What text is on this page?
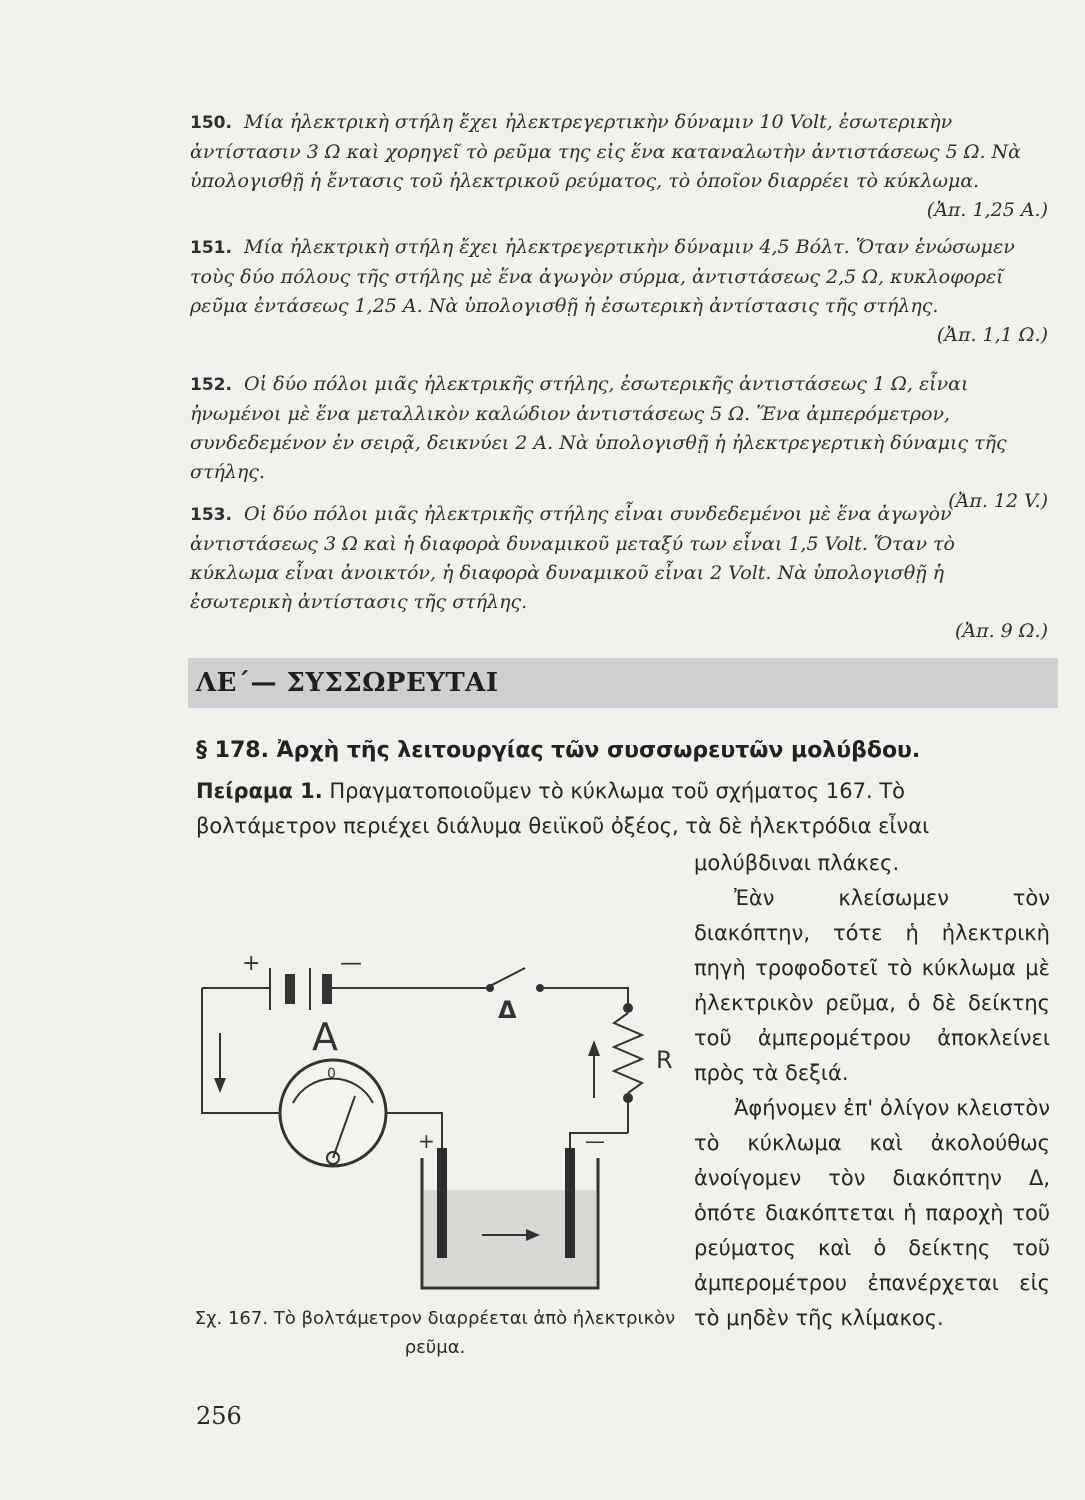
150. Μία ἠλεκτρικὴ στήλη ἔχει ἠλεκτρεγερτικὴν δύναμιν 10 Volt, ἐσωτερικὴν ἀντίστασιν 3 Ω καὶ χορηγεῖ τὸ ρεῦμα της εἰς ἕνα καταναλωτὴν ἀντιστάσεως 5 Ω. Νὰ ὑπολογισθῇ ἡ ἔντασις τοῦ ἠλεκτρικοῦ ρεύματος, τὸ ὁποῖον διαρρέει τὸ κύκλωμα.
(Ἀπ. 1,25 Α.)
151. Μία ἠλεκτρικὴ στήλη ἔχει ἠλεκτρεγερτικὴν δύναμιν 4,5 Βόλτ. Ὅταν ἑνώσωμεν τοὺς δύο πόλους τῆς στήλης μὲ ἕνα ἀγωγὸν σύρμα, ἀντιστάσεως 2,5 Ω, κυκλοφορεῖ ρεῦμα ἐντάσεως 1,25 Α. Νὰ ὑπολογισθῇ ἡ ἐσωτερικὴ ἀντίστασις τῆς στήλης.
(Ἀπ. 1,1 Ω.)
152. Οἱ δύο πόλοι μιᾶς ἠλεκτρικῆς στήλης, ἐσωτερικῆς ἀντιστάσεως 1 Ω, εἶναι ἠνωμένοι μὲ ἕνα μεταλλικὸν καλώδιον ἀντιστάσεως 5 Ω. Ἕνα ἀμπερόμετρον, συνδεδεμένον ἐν σειρᾷ, δεικνύει 2 Α. Νὰ ὑπολογισθῇ ἡ ἠλεκτρεγερτικὴ δύναμις τῆς στήλης.
(Ἀπ. 12 V.)
153. Οἱ δύο πόλοι μιᾶς ἠλεκτρικῆς στήλης εἶναι συνδεδεμένοι μὲ ἕνα ἀγωγὸν ἀντιστάσεως 3 Ω καὶ ἡ διαφορὰ δυναμικοῦ μεταξύ των εἶναι 1,5 Volt. Ὅταν τὸ κύκλωμα εἶναι ἀνοικτόν, ἡ διαφορὰ δυναμικοῦ εἶναι 2 Volt. Νὰ ὑπολογισθῇ ἡ ἐσωτερικὴ ἀντίστασις τῆς στήλης.
(Ἀπ. 9 Ω.)
ΛΕ΄— ΣΥΣΣΩΡΕΥΤΑΙ
§ 178. Ἀρχὴ τῆς λειτουργίας τῶν συσσωρευτῶν μολύβδου.
Πείραμα 1. Πραγματοποιοῦμεν τὸ κύκλωμα τοῦ σχήματος 167. Τὸ βολτάμετρον περιέχει διάλυμα θειϊκοῦ ὀξέος, τὰ δὲ ἠλεκτρόδια εἶναι
μολύβδιναι πλάκες.
Ἐὰν κλείσωμεν τὸν διακόπτην, τότε ἡ ἠλεκτρικὴ πηγὴ τροφοδοτεῖ τὸ κύκλωμα μὲ ἠλεκτρικὸν ρεῦμα, ὁ δὲ δείκτης τοῦ ἀμπερομέτρου ἀποκλείνει πρὸς τὰ δεξιά.
Ἀφήνομεν ἐπ' ὀλίγον κλειστὸν τὸ κύκλωμα καὶ ἀκολούθως ἀνοίγομεν τὸν διακόπτην Δ, ὁπότε διακόπτεται ἡ παροχὴ τοῦ ρεύματος καὶ ὁ δείκτης τοῦ ἀμπερομέτρου ἐπανέρχεται εἰς τὸ μηδὲν τῆς κλίμακος.
+	—
Δ
R
0
A
+	—
Σχ. 167. Τὸ βολτάμετρον διαρρέεται ἀπὸ ἠλεκτρικὸν ρεῦμα.
256
